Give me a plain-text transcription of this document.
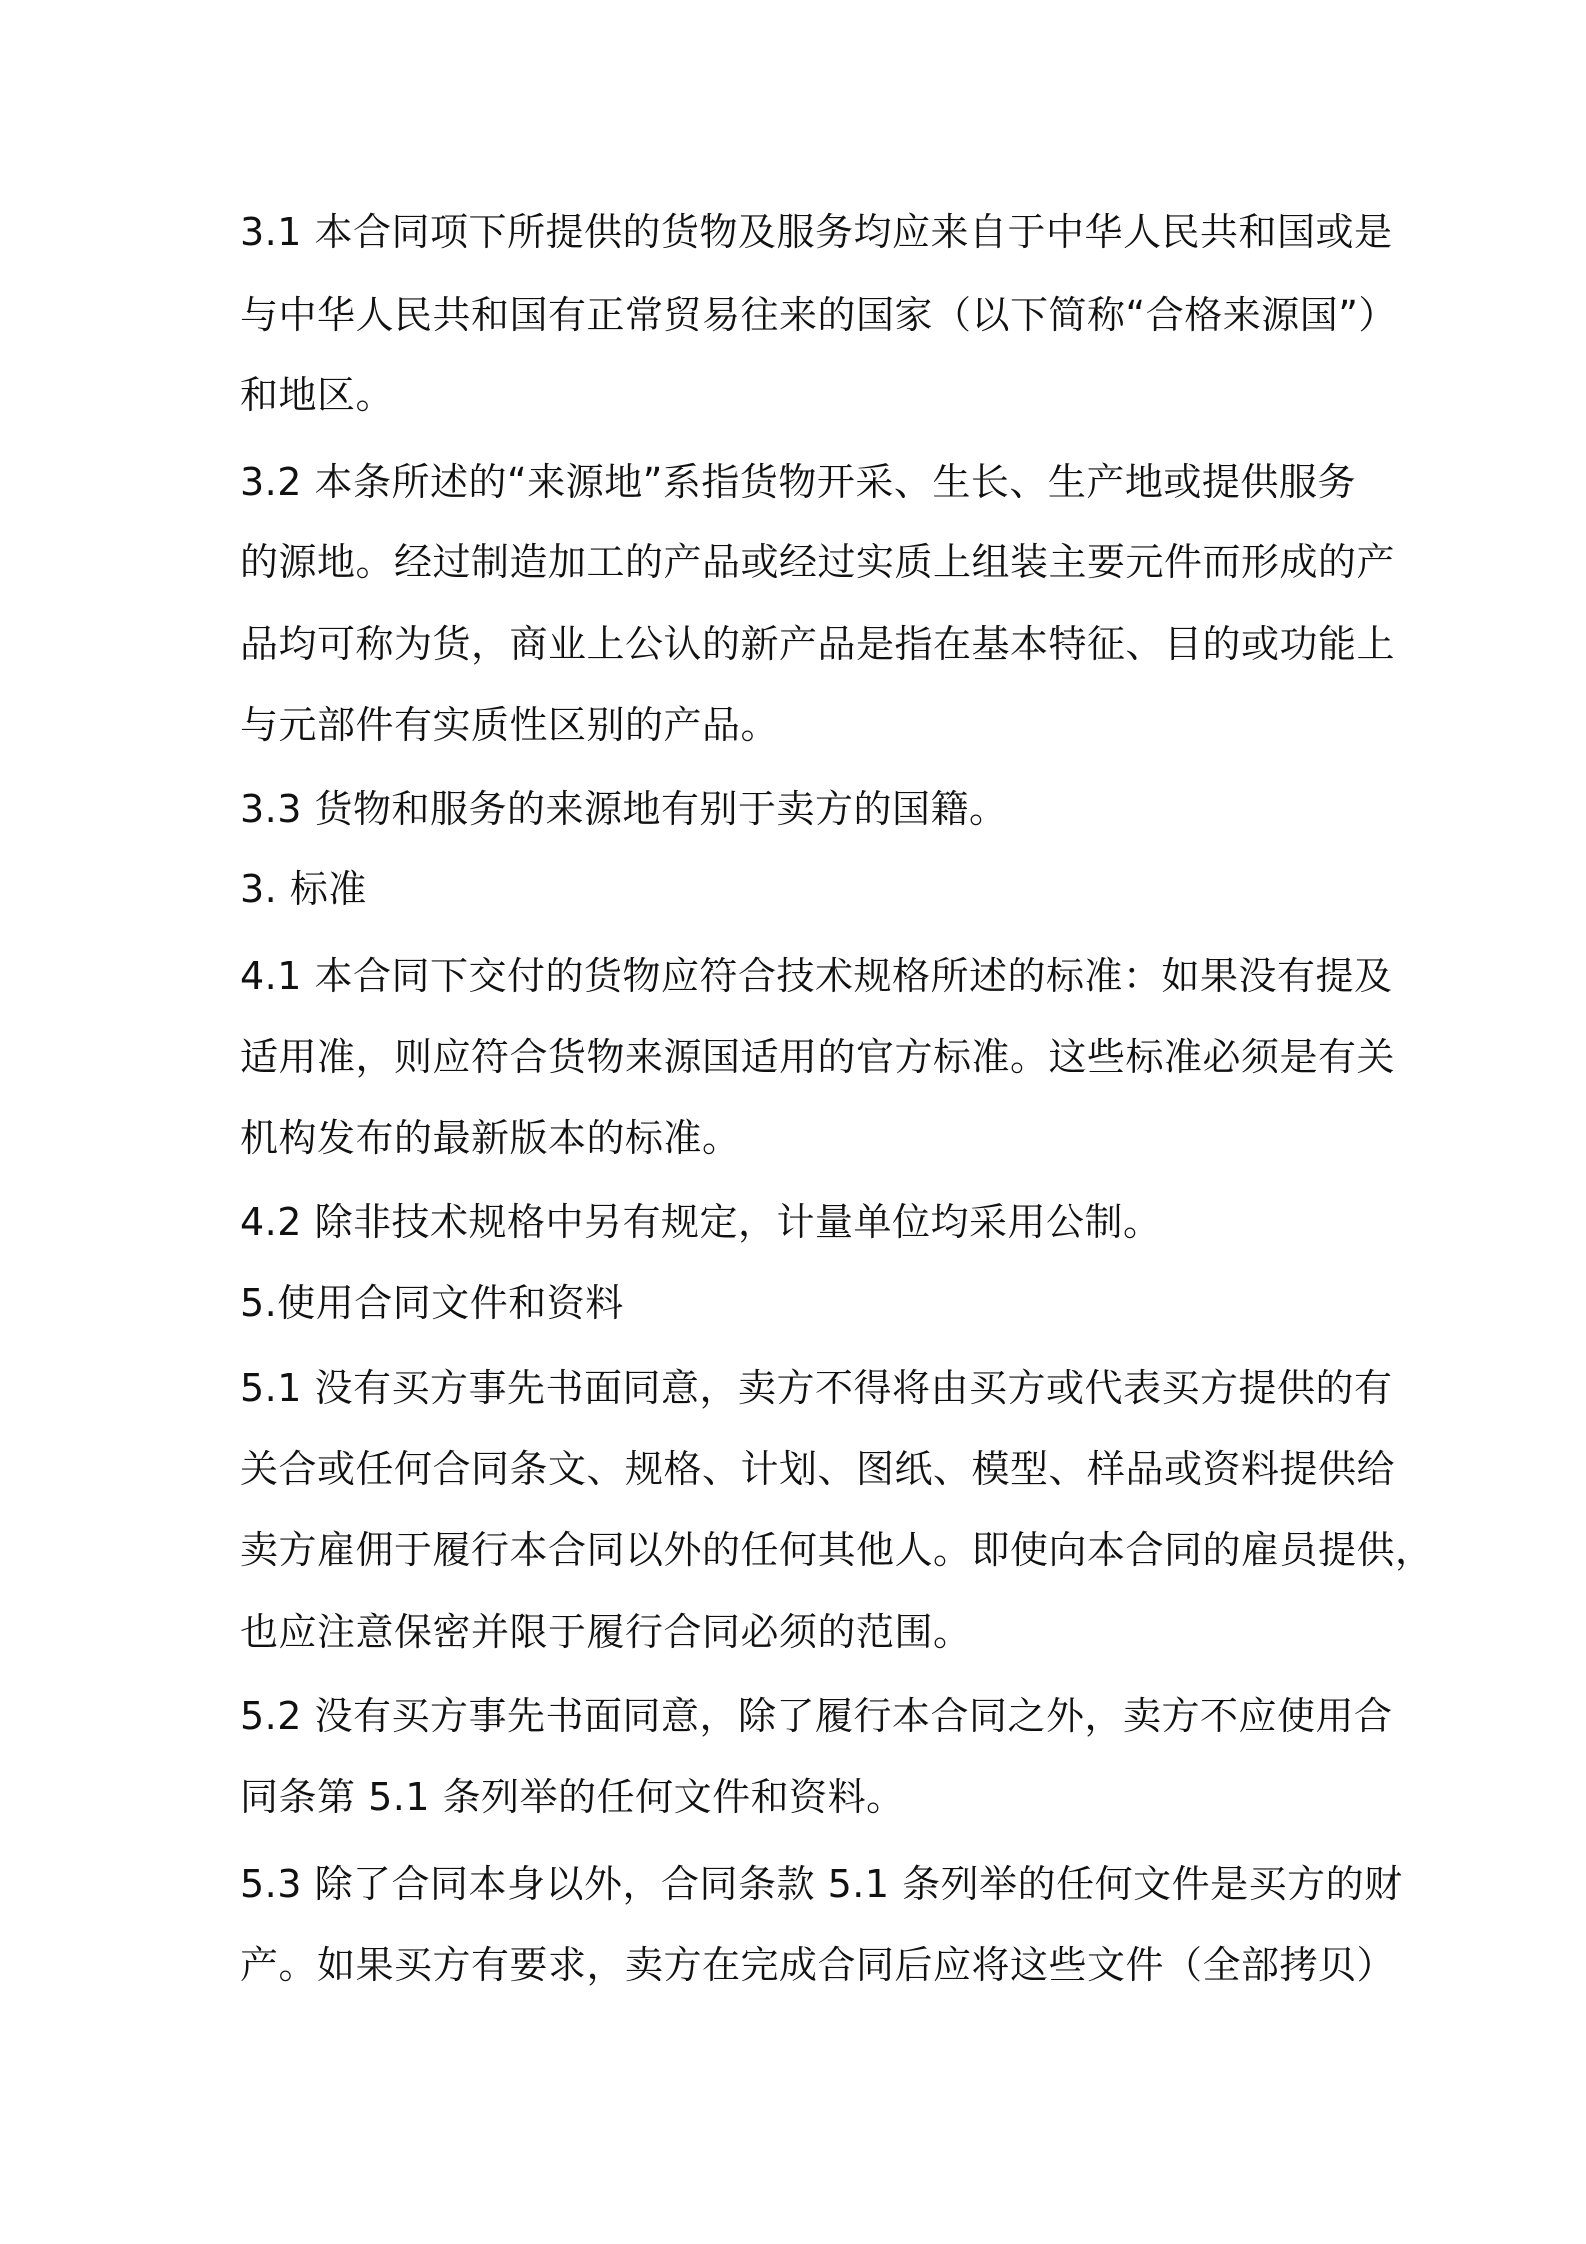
3.1 本合同项下所提供的货物及服务均应来自于中华人民共和国或是
与中华人民共和国有正常贸易往来的国家（以下简称“合格来源国”）
和地区。
3.2 本条所述的“来源地”系指货物开采、生长、生产地或提供服务
的源地。经过制造加工的产品或经过实质上组装主要元件而形成的产
品均可称为货，商业上公认的新产品是指在基本特征、目的或功能上
与元部件有实质性区别的产品。
3.3 货物和服务的来源地有别于卖方的国籍。
3. 标准
4.1 本合同下交付的货物应符合技术规格所述的标准：如果没有提及
适用准，则应符合货物来源国适用的官方标准。这些标准必须是有关
机构发布的最新版本的标准。
4.2 除非技术规格中另有规定，计量单位均采用公制。
5.使用合同文件和资料
5.1 没有买方事先书面同意，卖方不得将由买方或代表买方提供的有
关合或任何合同条文、规格、计划、图纸、模型、样品或资料提供给
卖方雇佣于履行本合同以外的任何其他人。即使向本合同的雇员提供，
也应注意保密并限于履行合同必须的范围。
5.2 没有买方事先书面同意，除了履行本合同之外，卖方不应使用合
同条第 5.1 条列举的任何文件和资料。
5.3 除了合同本身以外，合同条款 5.1 条列举的任何文件是买方的财
产。如果买方有要求，卖方在完成合同后应将这些文件（全部拷贝）
